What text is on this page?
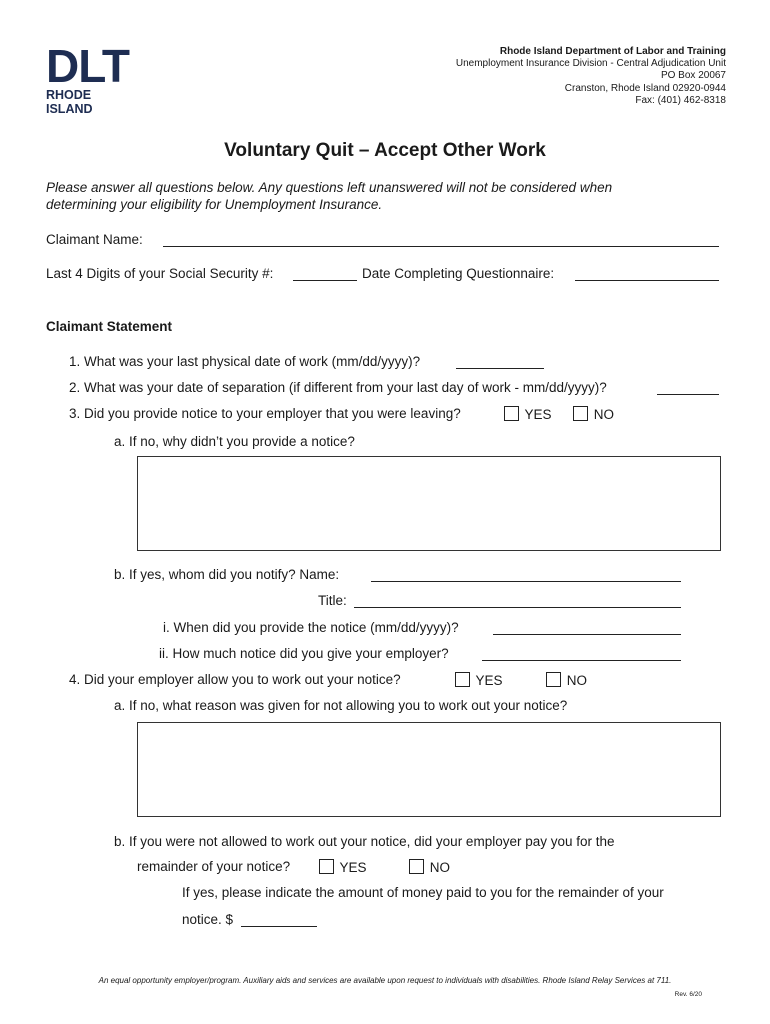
DLT
RHODE ISLAND
Rhode Island Department of Labor and Training
Unemployment Insurance Division - Central Adjudication Unit
PO Box 20067
Cranston, Rhode Island 02920-0944
Fax: (401) 462-8318
Voluntary Quit – Accept Other Work
Please answer all questions below. Any questions left unanswered will not be considered when determining your eligibility for Unemployment Insurance.
Claimant Name:
Last 4 Digits of your Social Security #:	Date Completing Questionnaire:
Claimant Statement
1. What was your last physical date of work (mm/dd/yyyy)?
2. What was your date of separation (if different from your last day of work - mm/dd/yyyy)?
3. Did you provide notice to your employer that you were leaving?	YES	NO
a. If no, why didn’t you provide a notice?
b. If yes, whom did you notify? Name:
Title:
i. When did you provide the notice (mm/dd/yyyy)?
ii. How much notice did you give your employer?
4. Did your employer allow you to work out your notice?	YES	NO
a. If no, what reason was given for not allowing you to work out your notice?
b. If you were not allowed to work out your notice, did your employer pay you for the
remainder of your notice?	YES	NO
If yes, please indicate the amount of money paid to you for the remainder of your
notice. $
An equal opportunity employer/program. Auxiliary aids and services are available upon request to individuals with disabilities. Rhode Island Relay Services at 711.
Rev. 6/20
